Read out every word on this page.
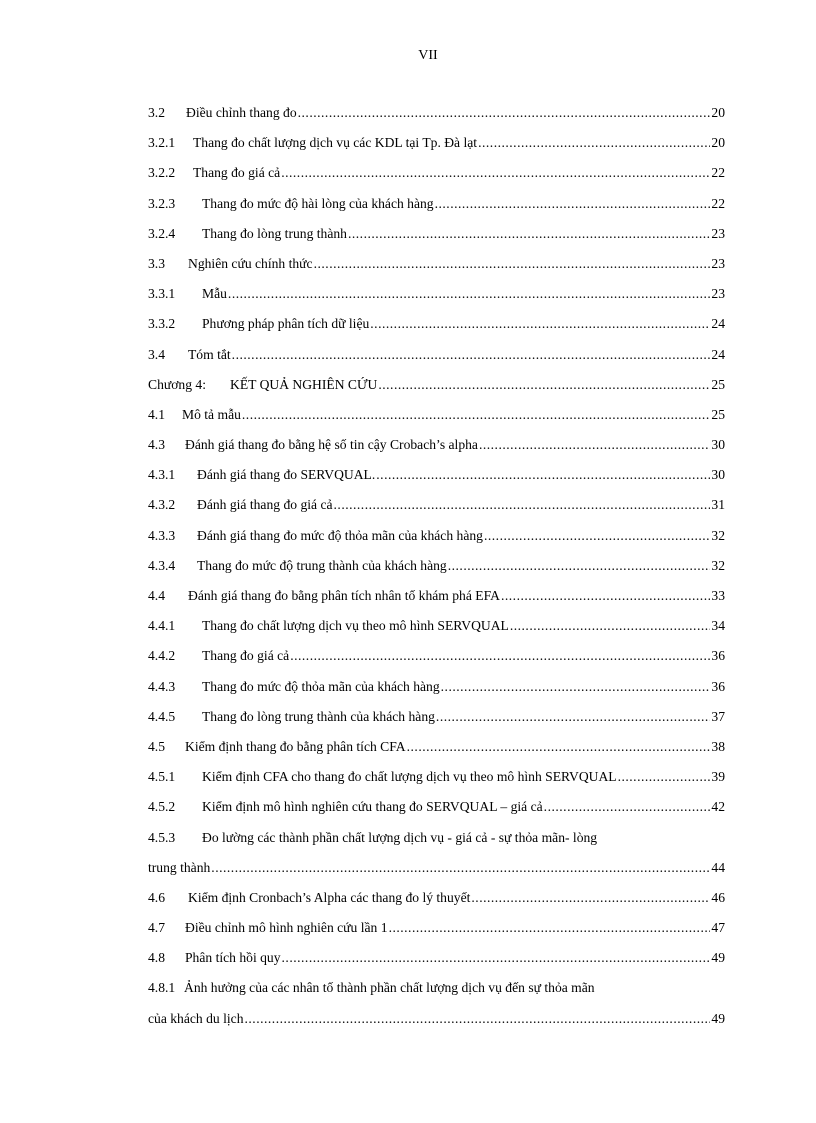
VII
3.2	Điều chỉnh thang đo .....	20
3.2.1	Thang đo chất lượng dịch vụ các KDL tại Tp. Đà lạt .....	20
3.2.2	Thang đo giá cả .....	22
3.2.3	Thang đo mức độ hài lòng của khách hàng .....	22
3.2.4	Thang đo lòng trung thành .....	23
3.3	Nghiên cứu chính thức .....	23
3.3.1	Mẫu .....	23
3.3.2	Phương pháp phân tích dữ liệu .....	24
3.4	Tóm tắt .....	24
Chương 4:	KẾT QUẢ NGHIÊN CỨU .....	25
4.1	Mô tả mẫu .....	25
4.3	Đánh giá thang đo bằng hệ số tin cậy Crobach’s alpha .....	30
4.3.1	Đánh giá thang đo SERVQUAL. .....	30
4.3.2	Đánh giá thang đo giá cả .....	31
4.3.3	Đánh giá thang đo mức độ thỏa mãn của khách hàng .....	32
4.3.4	Thang đo mức độ trung thành của khách hàng .....	32
4.4	Đánh giá thang đo bằng phân tích nhân tố khám phá EFA .....	33
4.4.1	Thang đo chất lượng dịch vụ theo mô hình SERVQUAL .....	34
4.4.2	Thang đo giá cả .....	36
4.4.3	Thang đo mức độ thỏa mãn của khách hàng .....	36
4.4.5	Thang đo lòng trung thành của khách hàng .....	37
4.5	Kiểm định thang đo bằng phân tích CFA .....	38
4.5.1	Kiểm định CFA cho thang đo chất lượng dịch vụ theo mô hình SERVQUAL .....	39
4.5.2	Kiểm định mô hình nghiên cứu thang đo SERVQUAL – giá cả .....	42
4.5.3	Đo lường các thành phần chất lượng dịch vụ - giá cả - sự thỏa mãn- lòng
trung thành .....	44
4.6	Kiểm định Cronbach’s Alpha các thang đo lý thuyết .....	46
4.7	Điều chỉnh mô hình nghiên cứu lần 1 .....	47
4.8	Phân tích hồi quy .....	49
4.8.1 Ảnh hưởng của các nhân tố thành phần chất lượng dịch vụ đến sự thỏa mãn
của khách du lịch .....	49
